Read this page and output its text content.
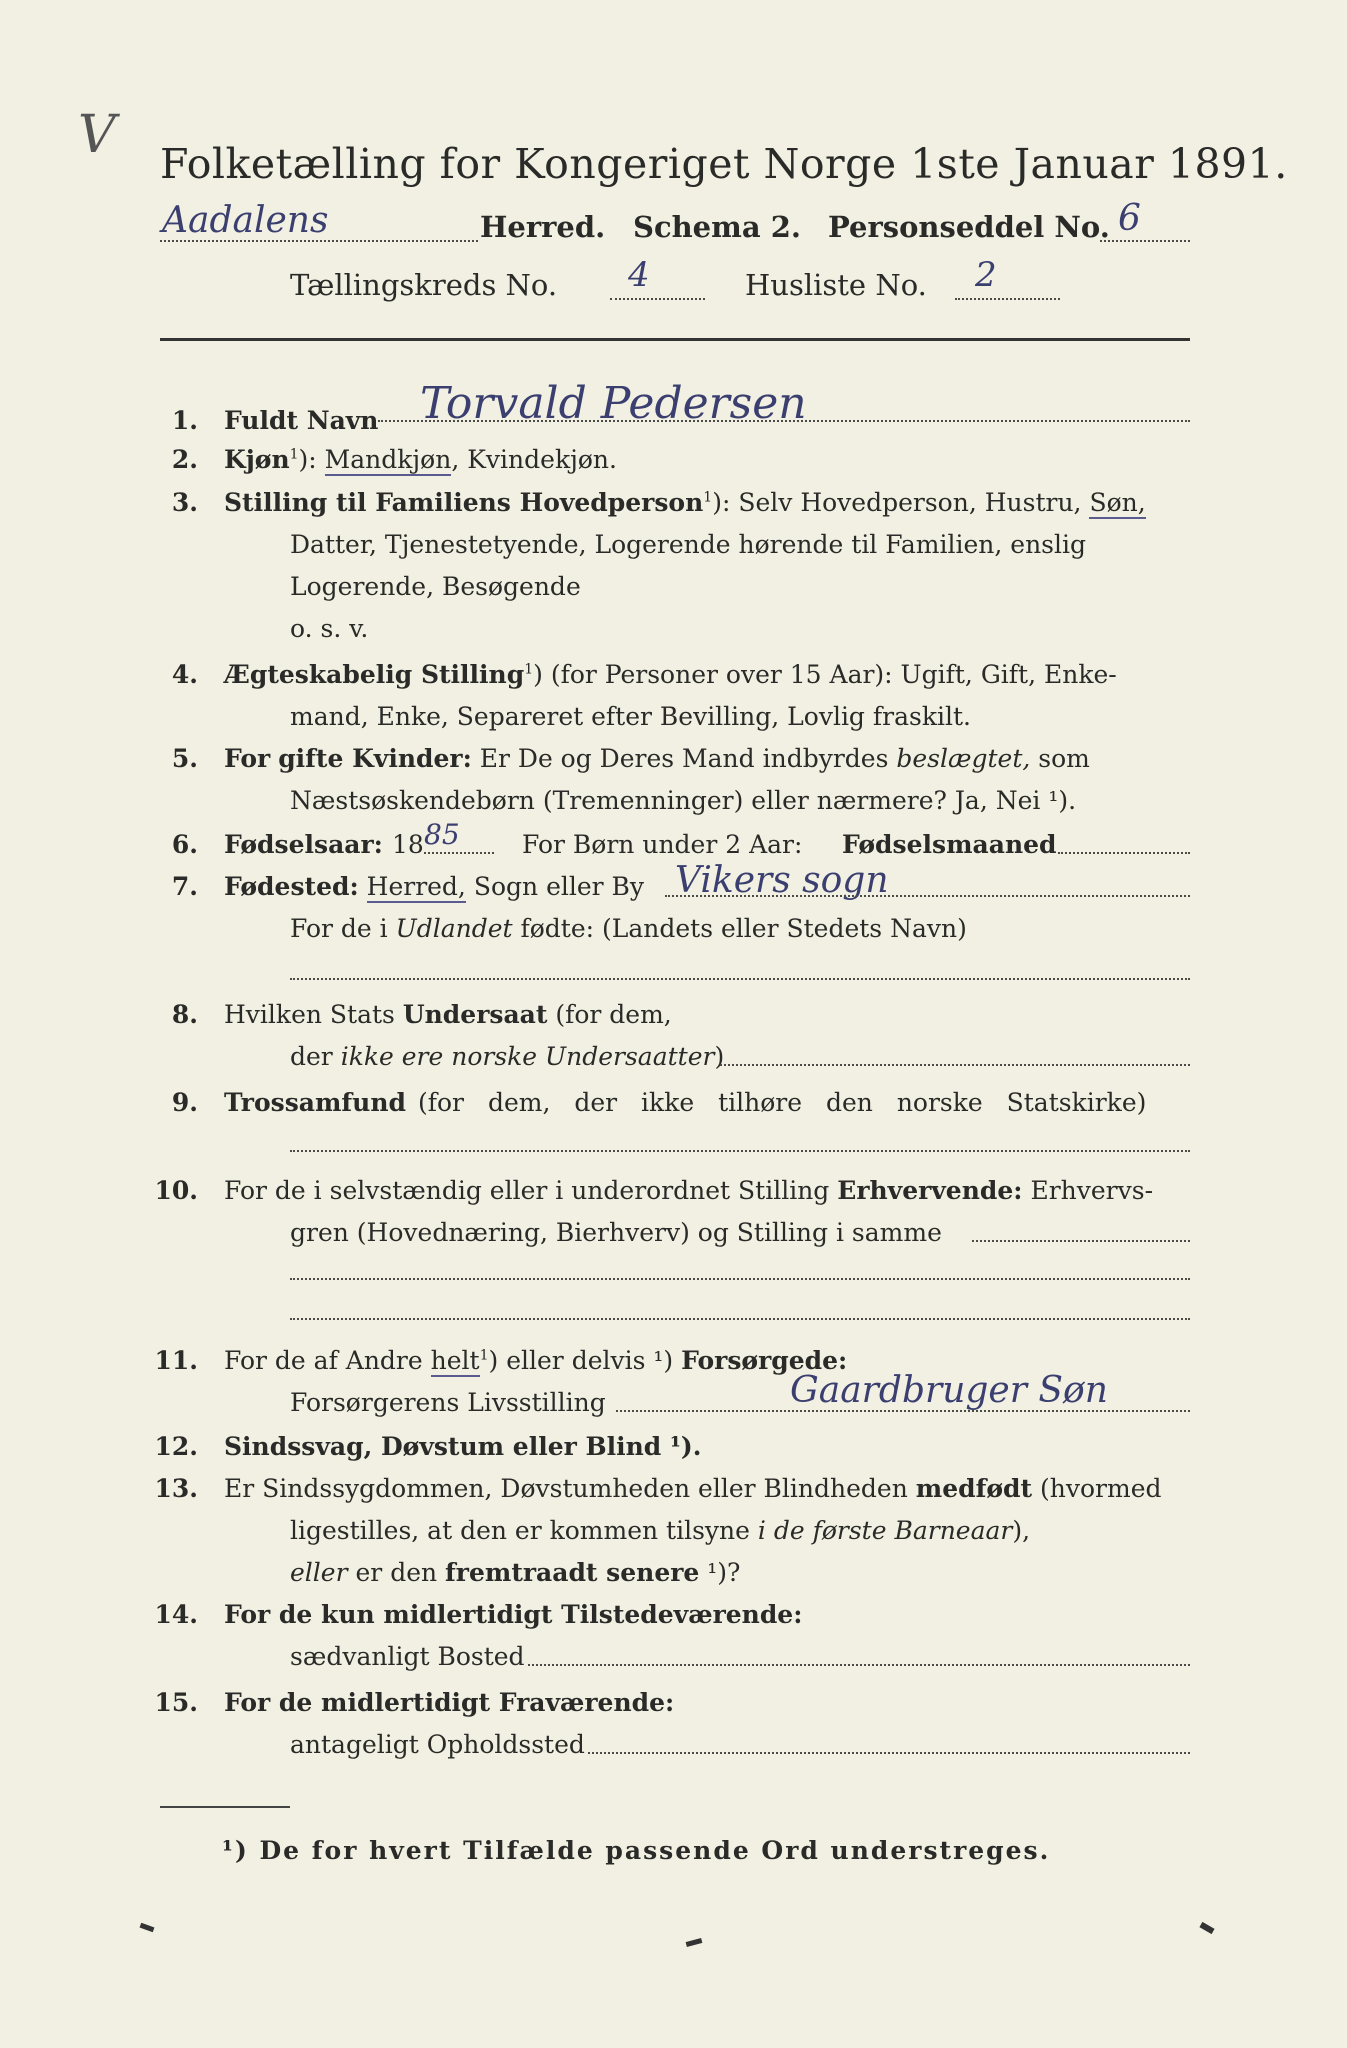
V Folketælling for Kongeriget Norge 1ste Januar 1891.
Aadalens	Herred. Schema 2. Personseddel No. 6
Tællingskreds No. 4	Husliste No. 2
1. Fuldt Navn Torvald Pedersen
2. Kjøn$^1$): Mandkjøn, Kvindekjøn.
3. Stilling til Familiens Hovedperson$^1$): Selv Hovedperson, Hustru, Søn,
Datter, Tjenestetyende, Logerende hørende til Familien, enslig
Logerende, Besøgende
o. s. v.
4. Ægteskabelig Stilling$^1$) (for Personer over 15 Aar): Ugift, Gift, Enke-
mand, Enke, Separeret efter Bevilling, Lovlig fraskilt.
5. For gifte Kvinder: Er De og Deres Mand indbyrdes beslægtet, som
Næstsøskendebørn (Tremenninger) eller nærmere? Ja, Nei ¹).
6. Fødselsaar: 18 85 For Børn under 2 Aar: Fødselsmaaned
7. Fødested: Herred, Sogn eller By Vikers sogn
For de i Udlandet fødte: (Landets eller Stedets Navn)
8. Hvilken Stats Undersaat (for dem,
der ikke ere norske Undersaatter)
9. Trossamfund (for dem, der ikke tilhøre den norske Statskirke)
10. For de i selvstændig eller i underordnet Stilling Erhvervende: Erhvervs-
gren (Hovednæring, Bierhverv) og Stilling i samme
11. For de af Andre helt$^1$) eller delvis ¹) Forsørgede:
Forsørgerens Livsstilling	Gaardbruger Søn
12. Sindssvag, Døvstum eller Blind ¹).
13. Er Sindssygdommen, Døvstumheden eller Blindheden medfødt (hvormed
ligestilles, at den er kommen tilsyne i de første Barneaar),
eller er den fremtraadt senere ¹)?
14. For de kun midlertidigt Tilstedeværende:
sædvanligt Bosted
15. For de midlertidigt Fraværende:
antageligt Opholdssted
¹) De for hvert Tilfælde passende Ord understreges.
